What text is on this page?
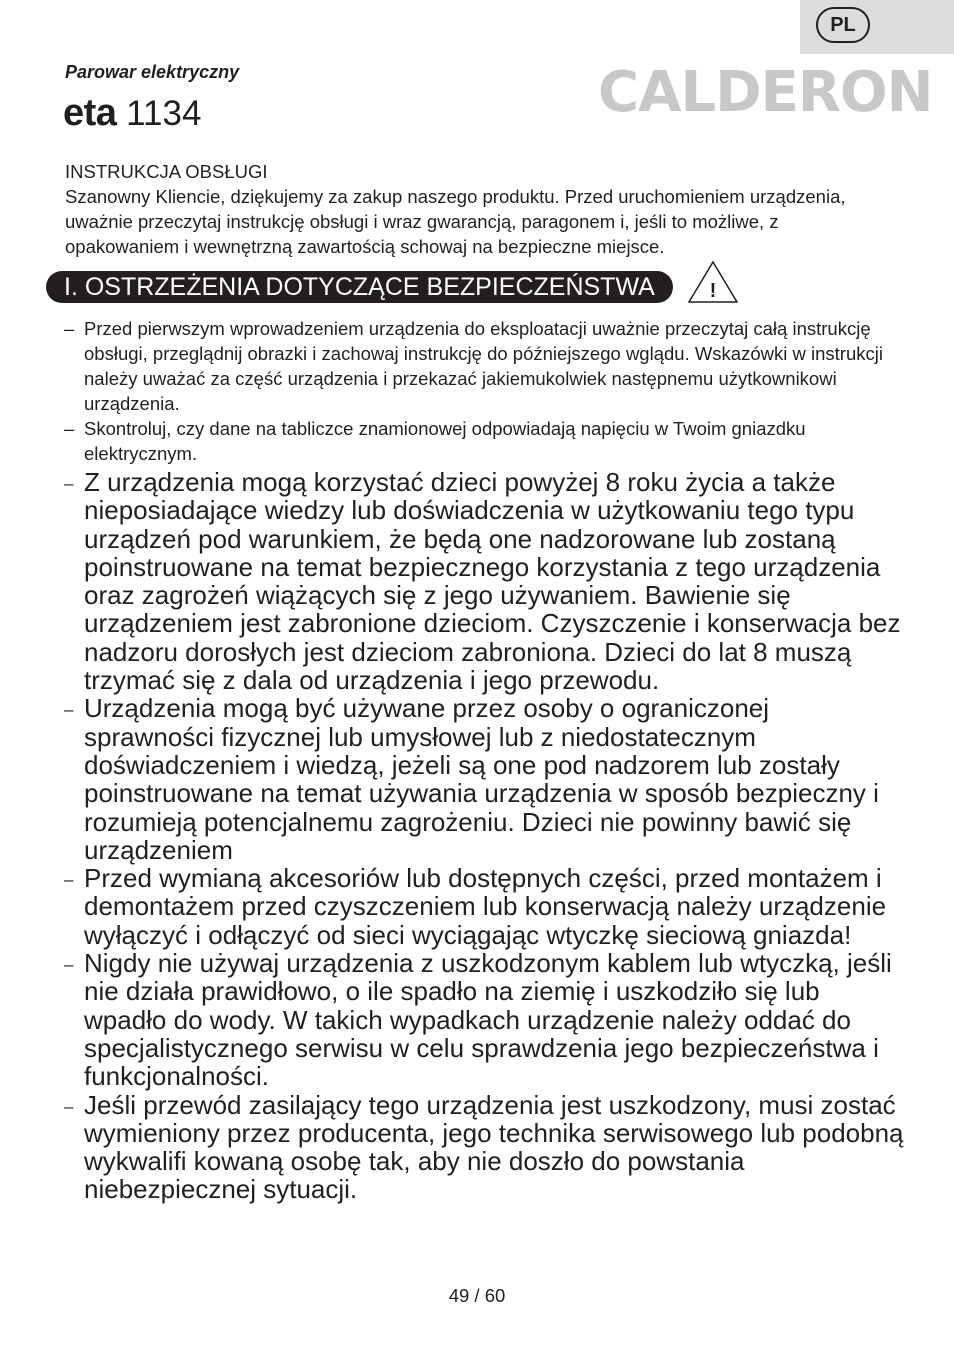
PL
Parowar elektryczny
eta
1134	CALDERON
INSTRUKCJA OBSŁUGI
Szanowny Kliencie, dziękujemy za zakup naszego produktu. Przed uruchomieniem urządzenia, uważnie przeczytaj instrukcję obsługi i wraz gwarancją, paragonem i, jeśli to możliwe, z opakowaniem i wewnętrzną zawartością schowaj na bezpieczne miejsce.
I. OSTRZEŻENIA DOTYCZĄCE BEZPIECZEŃSTWA	!
– Przed pierwszym wprowadzeniem urządzenia do eksploatacji uważnie przeczytaj całą instrukcję obsługi, przeglądnij obrazki i zachowaj instrukcję do późniejszego wglądu. Wskazówki w instrukcji należy uważać za część urządzenia i przekazać jakiemukolwiek następnemu użytkownikowi urządzenia.
– Skontroluj, czy dane na tabliczce znamionowej odpowiadają napięciu w Twoim gniazdku elektrycznym.
– Z urządzenia mogą korzystać dzieci powyżej 8 roku życia a także nieposiadające wiedzy lub doświadczenia w użytkowaniu tego typu urządzeń pod warunkiem, że będą one nadzorowane lub zostaną poinstruowane na temat bezpiecznego korzystania z tego urządzenia oraz zagrożeń wiążących się z jego używaniem. Bawienie się urządzeniem jest zabronione dzieciom. Czyszczenie i konserwacja bez nadzoru dorosłych jest dzieciom zabroniona. Dzieci do lat 8 muszą trzymać się z dala od urządzenia i jego przewodu.
– Urządzenia mogą być używane przez osoby o ograniczonej sprawności fizycznej lub umysłowej lub z niedostatecznym doświadczeniem i wiedzą, jeżeli są one pod nadzorem lub zostały poinstruowane na temat używania urządzenia w sposób bezpieczny i rozumieją potencjalnemu zagrożeniu. Dzieci nie powinny bawić się urządzeniem
– Przed wymianą akcesoriów lub dostępnych części, przed montażem i demontażem przed czyszczeniem lub konserwacją należy urządzenie wyłączyć i odłączyć od sieci wyciągając wtyczkę sieciową gniazda!
– Nigdy nie używaj urządzenia z uszkodzonym kablem lub wtyczką, jeśli nie działa prawidłowo, o ile spadło na ziemię i uszkodziło się lub wpadło do wody. W takich wypadkach urządzenie należy oddać do specjalistycznego serwisu w celu sprawdzenia jego bezpieczeństwa i funkcjonalności.
– Jeśli przewód zasilający tego urządzenia jest uszkodzony, musi zostać wymieniony przez producenta, jego technika serwisowego lub podobną wykwalifi kowaną osobę tak, aby nie doszło do powstania niebezpiecznej sytuacji.
49 / 60
